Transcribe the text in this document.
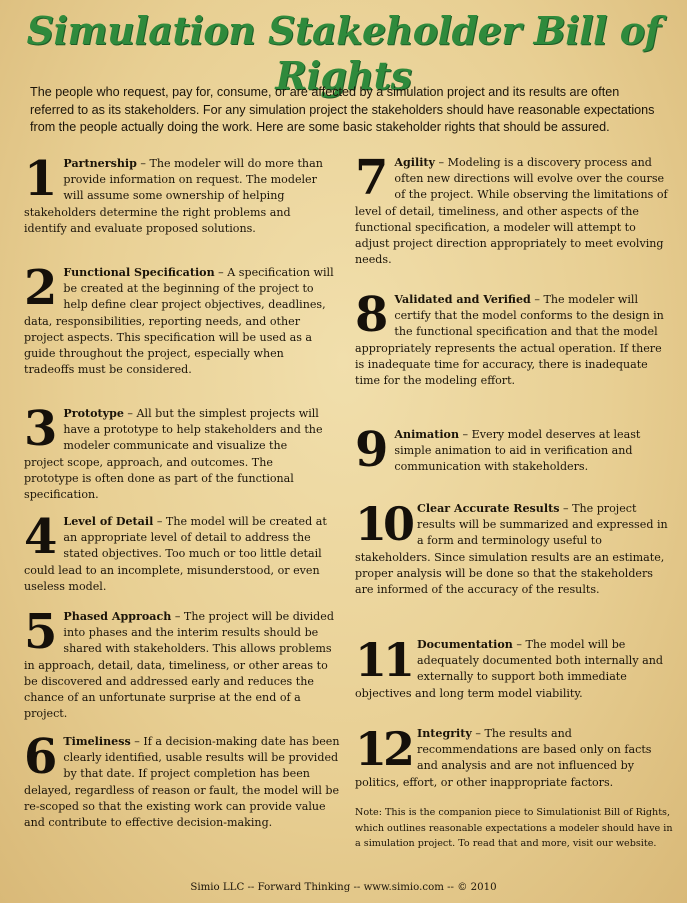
Simulation Stakeholder Bill of Rights
The people who request, pay for, consume, or are affected by a simulation project and its results are often referred to as its stakeholders. For any simulation project the stakeholders should have reasonable expectations from the people actually doing the work. Here are some basic stakeholder rights that should be assured.
1 Partnership – The modeler will do more than provide information on request. The modeler will assume some ownership of helping stakeholders determine the right problems and identify and evaluate proposed solutions.
2 Functional Specification – A specification will be created at the beginning of the project to help define clear project objectives, deadlines, data, responsibilities, reporting needs, and other project aspects. This specification will be used as a guide throughout the project, especially when tradeoffs must be considered.
3 Prototype – All but the simplest projects will have a prototype to help stakeholders and the modeler communicate and visualize the project scope, approach, and outcomes. The prototype is often done as part of the functional specification.
4 Level of Detail – The model will be created at an appropriate level of detail to address the stated objectives. Too much or too little detail could lead to an incomplete, misunderstood, or even useless model.
5 Phased Approach – The project will be divided into phases and the interim results should be shared with stakeholders. This allows problems in approach, detail, data, timeliness, or other areas to be discovered and addressed early and reduces the chance of an unfortunate surprise at the end of a project.
6 Timeliness – If a decision-making date has been clearly identified, usable results will be provided by that date. If project completion has been delayed, regardless of reason or fault, the model will be re-scoped so that the existing work can provide value and contribute to effective decision-making.
7 Agility – Modeling is a discovery process and often new directions will evolve over the course of the project. While observing the limitations of level of detail, timeliness, and other aspects of the functional specification, a modeler will attempt to adjust project direction appropriately to meet evolving needs.
8 Validated and Verified – The modeler will certify that the model conforms to the design in the functional specification and that the model appropriately represents the actual operation. If there is inadequate time for accuracy, there is inadequate time for the modeling effort.
9 Animation – Every model deserves at least simple animation to aid in verification and communication with stakeholders.
10 Clear Accurate Results – The project results will be summarized and expressed in a form and terminology useful to stakeholders. Since simulation results are an estimate, proper analysis will be done so that the stakeholders are informed of the accuracy of the results.
11 Documentation – The model will be adequately documented both internally and externally to support both immediate objectives and long term model viability.
12 Integrity – The results and recommendations are based only on facts and analysis and are not influenced by politics, effort, or other inappropriate factors.
Note: This is the companion piece to Simulationist Bill of Rights, which outlines reasonable expectations a modeler should have in a simulation project. To read that and more, visit our website.
Simio LLC -- Forward Thinking -- www.simio.com -- © 2010
